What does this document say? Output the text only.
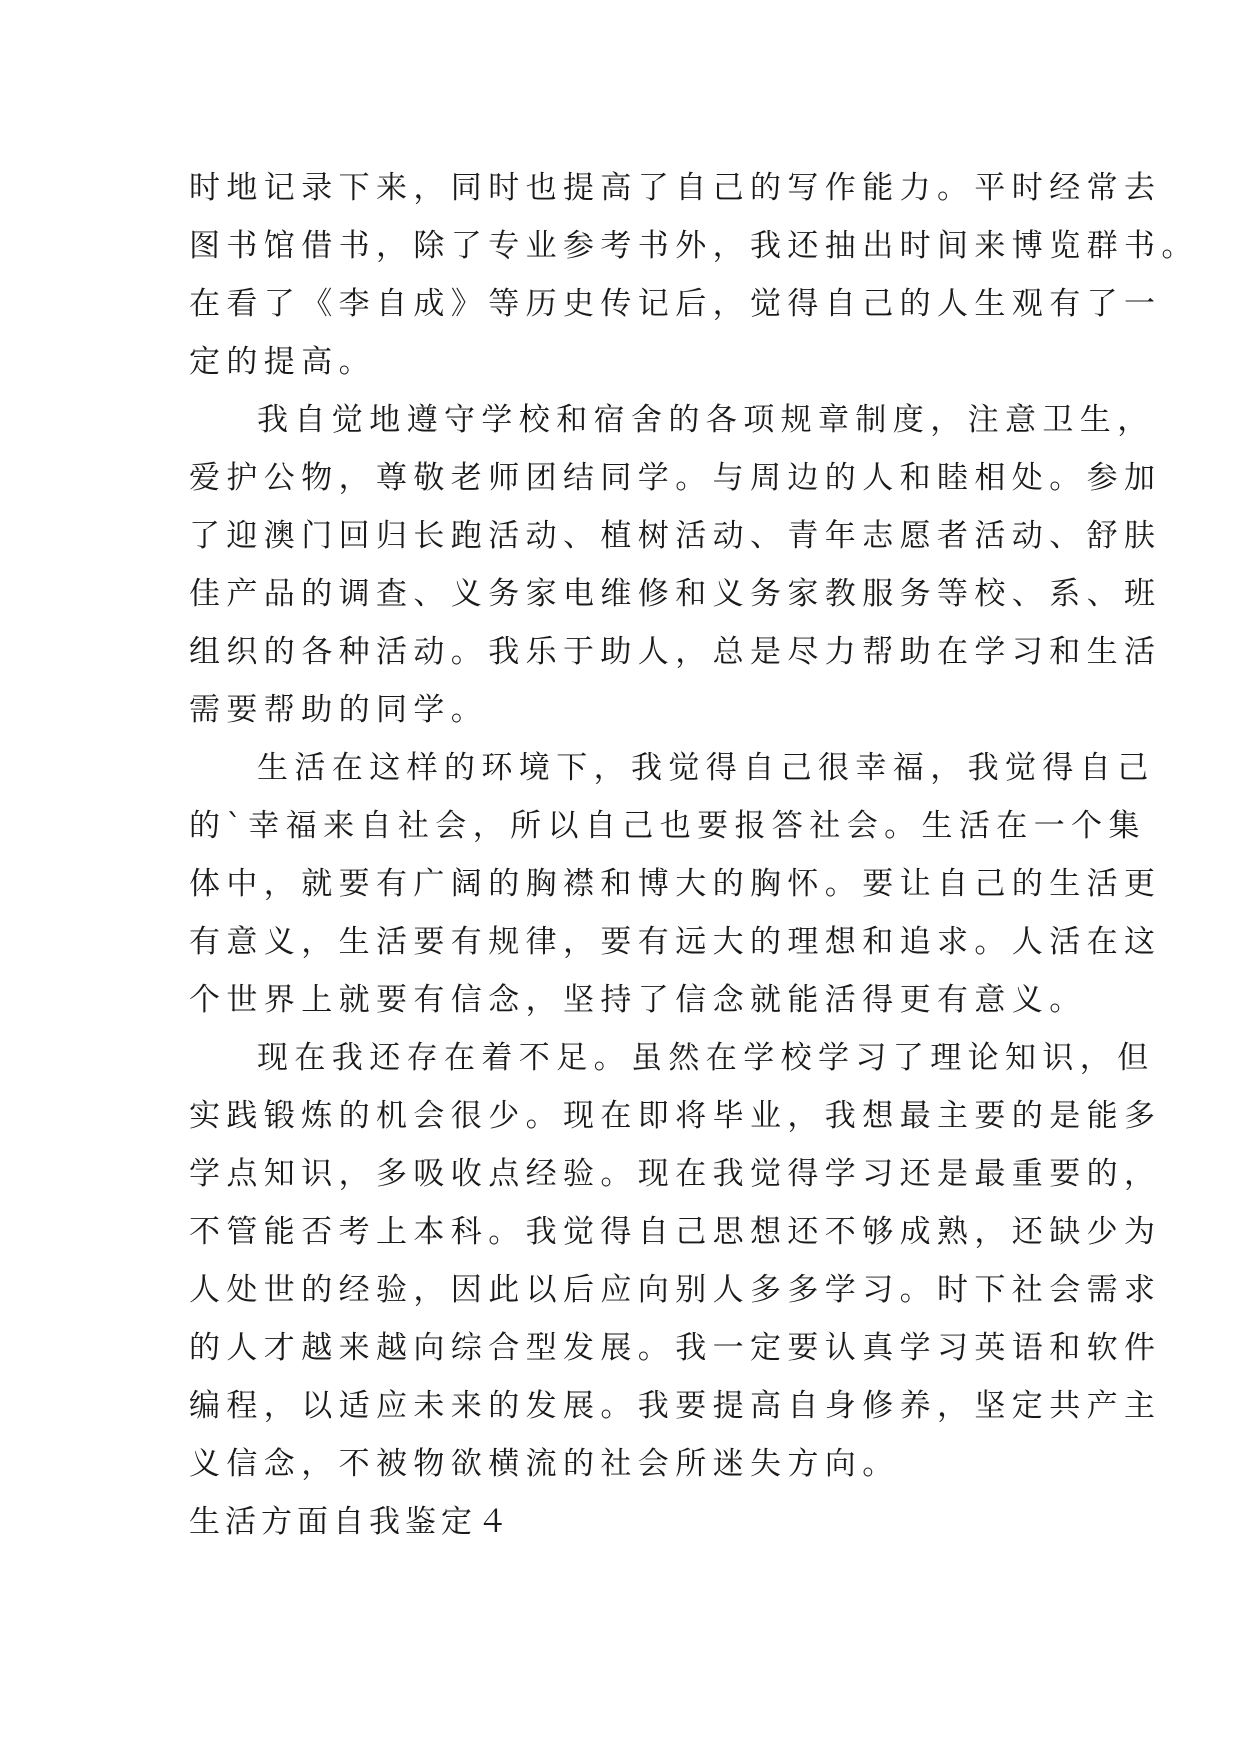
时地记录下来，同时也提高了自己的写作能力。平时经常去
图书馆借书，除了专业参考书外，我还抽出时间来博览群书。
在看了《李自成》等历史传记后，觉得自己的人生观有了一
定的提高。
我自觉地遵守学校和宿舍的各项规章制度，注意卫生，
爱护公物，尊敬老师团结同学。与周边的人和睦相处。参加
了迎澳门回归长跑活动、植树活动、青年志愿者活动、舒肤
佳产品的调查、义务家电维修和义务家教服务等校、系、班
组织的各种活动。我乐于助人，总是尽力帮助在学习和生活
需要帮助的同学。
生活在这样的环境下，我觉得自己很幸福，我觉得自己
的`幸福来自社会，所以自己也要报答社会。生活在一个集
体中，就要有广阔的胸襟和博大的胸怀。要让自己的生活更
有意义，生活要有规律，要有远大的理想和追求。人活在这
个世界上就要有信念，坚持了信念就能活得更有意义。
现在我还存在着不足。虽然在学校学习了理论知识，但
实践锻炼的机会很少。现在即将毕业，我想最主要的是能多
学点知识，多吸收点经验。现在我觉得学习还是最重要的，
不管能否考上本科。我觉得自己思想还不够成熟，还缺少为
人处世的经验，因此以后应向别人多多学习。时下社会需求
的人才越来越向综合型发展。我一定要认真学习英语和软件
编程，以适应未来的发展。我要提高自身修养，坚定共产主
义信念，不被物欲横流的社会所迷失方向。
生活方面自我鉴定４
